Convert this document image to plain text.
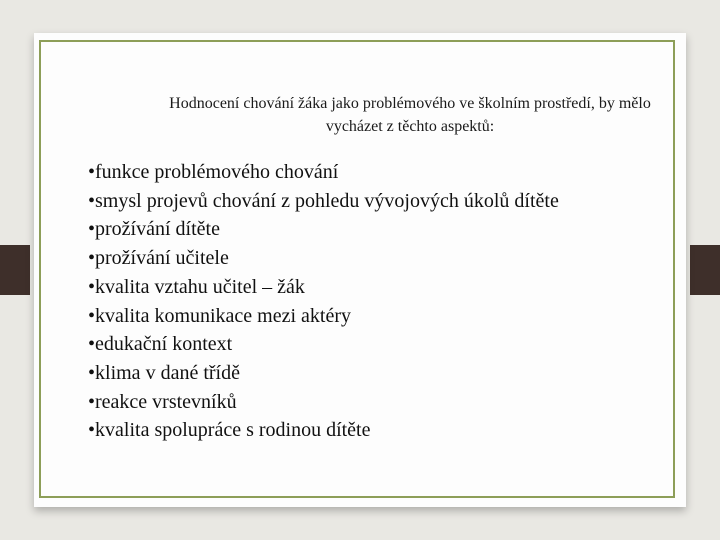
Hodnocení chování žáka jako problémového ve školním prostředí, by mělo
vycházet z těchto aspektů:

• funkce problémového chování
• smysl projevů chování z pohledu vývojových úkolů dítěte
• prožívání dítěte
• prožívání učitele
• kvalita vztahu učitel – žák
• kvalita komunikace mezi aktéry
• edukační kontext
• klima v dané třídě
• reakce vrstevníků
• kvalita spolupráce s rodinou dítěte
